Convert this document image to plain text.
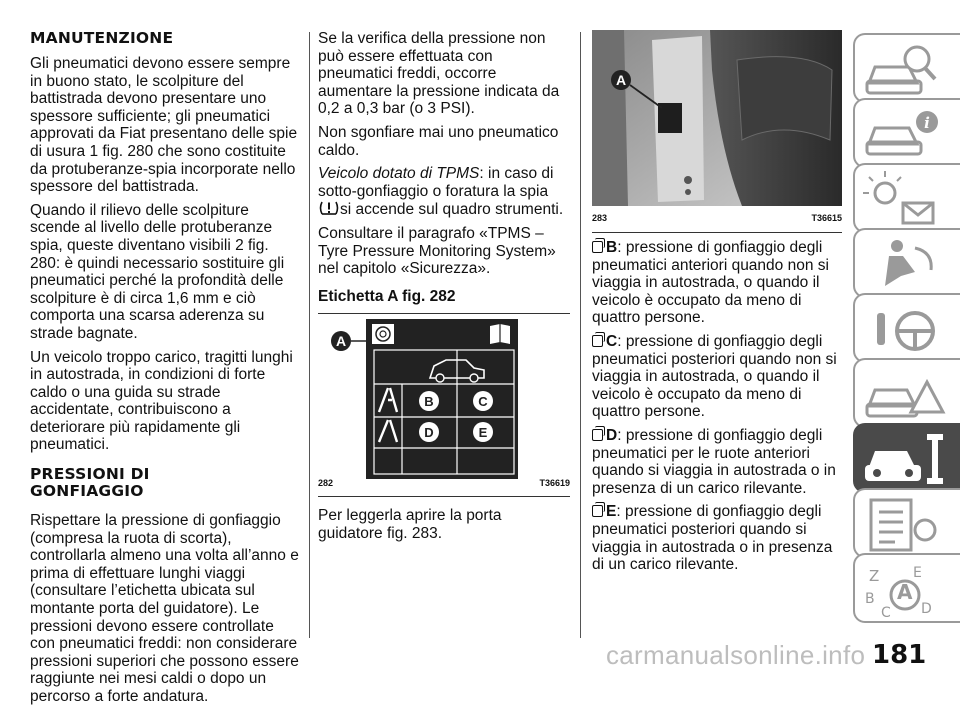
MANUTENZIONE

Gli pneumatici devono essere sempre in buono stato, le scolpiture del battistrada devono presentare uno spessore sufficiente; gli pneumatici approvati da Fiat presentano delle spie di usura 1 fig. 280 che sono costituite da protuberanze-spia incorporate nello spessore del battistrada.

Quando il rilievo delle scolpiture scende al livello delle protuberanze spia, queste diventano visibili 2 fig. 280: è quindi necessario sostituire gli pneumatici perché la profondità delle scolpiture è di circa 1,6 mm e ciò comporta una scarsa aderenza su strade bagnate.

Un veicolo troppo carico, tragitti lunghi in autostrada, in condizioni di forte caldo o una guida su strade accidentate, contribuiscono a deteriorare più rapidamente gli pneumatici.

PRESSIONI DI
GONFIAGGIO

Rispettare la pressione di gonfiaggio (compresa la ruota di scorta), controllarla almeno una volta all’anno e prima di effettuare lunghi viaggi (consultare l’etichetta ubicata sul montante porta del guidatore). Le pressioni devono essere controllate con pneumatici freddi: non considerare pressioni superiori che possono essere raggiunte nei mesi caldi o dopo un percorso a forte andatura.

Se la verifica della pressione non può essere effettuata con pneumatici freddi, occorre aumentare la pressione indicata da 0,2 a 0,3 bar (o 3 PSI).

Non sgonfiare mai uno pneumatico caldo.

Veicolo dotato di TPMS: in caso di sotto-gonfiaggio o foratura la spia si accende sul quadro strumenti.

Consultare il paragrafo «TPMS – Tyre Pressure Monitoring System» nel capitolo «Sicurezza».

Etichetta A fig. 282
A
B	C
D	E
282	T36619

Per leggerla aprire la porta guidatore fig. 283.

A
283	T36615

B: pressione di gonfiaggio degli pneumatici anteriori quando non si viaggia in autostrada, o quando il veicolo è occupato da meno di quattro persone.

C: pressione di gonfiaggio degli pneumatici posteriori quando non si viaggia in autostrada, o quando il veicolo è occupato da meno di quattro persone.

D: pressione di gonfiaggio degli pneumatici per le ruote anteriori quando si viaggia in autostrada o in presenza di un carico rilevante.

E: pressione di gonfiaggio degli pneumatici posteriori quando si viaggia in autostrada o in presenza di un carico rilevante.

i
Z E
A
B
C D
carmanualsonline.info 181
